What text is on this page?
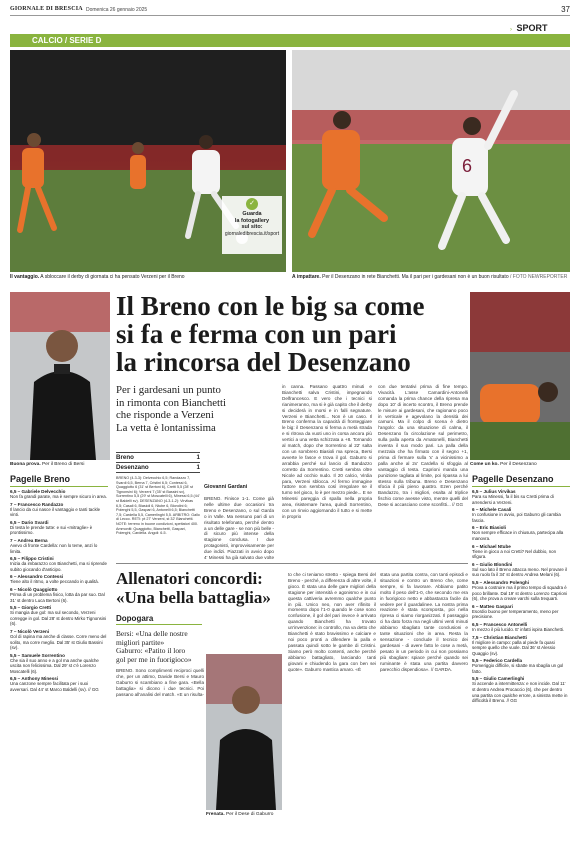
GIORNALE DI BRESCIA Domenica 26 gennaio 2025	37
› SPORT
CALCIO / SERIE D
✓
Guarda
la fotogallery
sul sito:
giornaledibrescia.it/sport
6
Il vantaggio. A sbloccare il derby di giornata ci ha pensato Verzeni per il Breno	A impattare. Per il Desenzano in rete Bianchetti. Ma il pari per i gardesani non è un buon risultato / FOTO NEWREPORTER
Il Breno con le big sa come
si fa e ferma con un pari
la rincorsa del Desenzano
Buona prova. Per il Breno di Bersi	Come un ko. Per il Desenzano
Pagelle Breno
6,5 – Gabriele Delvecchio
Non fa grandi parate, ma è sempre sicuro in area.
7 – Francesco Randazzo
Il lancio da cui nasce il vantaggio e tanti tackle vinti.
6,5 – Dario Svardi
Di testa le prende tutte: e sui «mitraglie» è prontissimo.
7 – Andrea Berna
Avevo di fronte Cardella: non lo teme, anzi lo limita.
6,5 – Filippo Cristini
Inizia da imbarazzo con Bianchetti, ma si riprende subito giocando d'anticipo.
6 – Alessandro Contessi
Tiene alto il ritmo, a volte peccando in qualità.
6 – Nicolò Quaggiotto
Prima di un problema fisico, lotta da par suo. Dal 31' st dentro Luca Bertoni (6).
5,5 – Giorgio Cretti
Si mangia due gol: ma sul secondo, Verzeni corregge in gol. Dal 28' st dentro Mirko Tignonsini (6).
7 – Nicolò Verzeni
Gol di rapina ma anche di classe. Corre meno del solito, ma corre meglio. Dal 35' st Giulio Bassini (sv).
5,5 – Samuele Sorrentino
Che sia il suo anno e a gol ma anche qualche uscita non felicissima. Dal 29' st c'è Lorenzo Moscatelli (6).
6,5 – Anthony Minessi
Una canzone sempre facilitata per i suoi avversari. Dal 44' st Marco Baldelli (sv). // GG
Pagelle Desenzano
6,5 – Julius Virvikas
Para su Minessi, fa il bis su Cretti prima di arrendersi a Verzeni.
6 – Michele Casali
In confusione in avvio, poi Gaburro gli cambia fascia.
6 – Eric Biasioli
Non sempre efficace in chiusura, partecipa alla manovra.
6 – Michael Ntube
Tiene in gioco a noi Cretti? Nel dubbio, non sfigura.
6 – Giulio Blondini
Sul suo lato il Breno attacca meno. Nel provare il suo ruolo fa il 34' st dentro Andrea Melani (6).
5,5 – Alessandro Polenghi
Prova a costruire ma il primo tempo di squadra è poco brillante. Dal 19' st dentro Lorenzo Caprioni (6), che prova a creare varchi sulla trequarti.
6 – Matteo Gaspari
Esordio buono per temperamento, meno per precisione.
6,5 – Francesco Antonelli
In mezzo il più lucido. E' infatti ispira Bianchetti.
7,5 – Christian Bianchetti
Il migliore in campo: palla al piede fa quasi sempre quello che vuole. Dal 36' st Alessio Quaggio (sv).
5,5 – Federico Cardella
Pomeriggio difficile, si sbatte ma sbaglia un gol fatto.
5,5 – Giulio Camerlinghi
Si accende a intermittenza: e non incide. Dal 11' st dentro Andrea Procaccio (6), che per dentro una partita con qualche errore, a sinistra mette in difficoltà il Breno. // GG
Per i gardesani un punto
in rimonta con Bianchetti
che risponde a Verzeni
La vetta è lontanissima
Breno	1
Desenzano	1
BRENO (4-3-3): Delvecchio 6,5; Randazzo 7, Svardi 6,5, Berna 7, Cristini 6,5; Contessi 6, Quaggiotto 6 (31' st Bertoni 6), Cretti 5,5 (28' st Tignonsini 6); Verzeni 7 (35' st Bassini sv), Sorrentino 5,5 (29' st Moscatelli 6), Minessi 6,5 (44' st Baldelli sv). DESENZANO (4-3-1-2): Virvikas 6,5; Casali 6, Biasioli 6, Ntube 6, Blondini 6; Polenghi 5,5, Gaspari 6, Antonelli 6,5; Bianchetti 7,5; Cardella 5,5, Camerlinghi 5,5. ARBITRO: Gallo di Lecco. RETI: pt 27' Verzeni, st 32' Bianchetti. NOTE: terreno in buone condizioni, spettatori 400. Ammoniti: Quaggiotto, Bianchetti, Gaspari, Polenghi, Cardella. Angoli: 6-5.
Giovanni Gardani
BRENO. Finisce 1-1. Come già nelle ultime due occasioni tra Breno e Desenzano, o sul Garda o in Valle. Ma nessuno pari di un risultato telefonato, perché dentro a un delle gare - se non più belle - di sicuro più intense della stagione conclusa. I due protagonisti, improvvisamente per due indizi. Piazzati in avvio dopo 4' Minessi ha già salvato due volte
in canna. Passano quattro minuti e Bianchetti salva Cristini, impegnando Delfrancesco. E vero che i tecnici si rianimeranno, ma si è già capito che il derby si deciderà in morsi e in falli segnature. Verzeni e Bianchetti... Non è un caso. Il Breno conferma la capacità di fronteggiare le big: il Desenzano si ferma a metà strada e si ritrova da vuoti uno in corsa ancora più vertici a una vetta schizzata a +8. Tornando al match, dopo che Sorrentino al 22' salta con un sombrero Biasioli ma spreca, Bersi avverte le fasce e trova il gol. Gaburro si arrabbia perché sul lancio di Bandazzo corretto da Sorrentino. Cretti sembra oltre Nicole ad occhio nudo. Il 20 calcio, Virdia para, Verzeni sblocca. Al fermo immagine l'attore non sembra così irregolare se il turno nel gioco, lo è per mezzo piede... E se Minessi pareggia di spalla nella propria area, risistemare l'area, quindi Sorrentino, con un rinvio aggiornando il tutto e si mette in proprio
con due tentativi prima di fine tempo. Vivacità. L'asse Camardini-Antonelli comanda la prima chance della ripresa ma dopo 10' di incerto scontro, il Breno prende le misure ai gardesani, che ragionano poco in verticale e agevolano la densità dei camuni. Ma il colpo di scena è dietro l'angolo: da una situazione di calma, il Desenzano fa circolazione sul perimetro, sulla palla aperta da Amatonelli, Bianchetti inventa il suo modo pari. La palla della mezzala che ha firmato con il segno +1, prima di fermare sulla 'x' a vicinissimo a palla anche al 2x' Cardella si sfoggia al vantaggio di testa. Caprioni manda una punizione tagliata al limite, poi ripassa a lui stesso sulla tribuna. Breno e Desenzano sfocia il più pieno quattro. Ezen perché Bandazzo, tra i migliori, esalta al triplice fischio come avesse visto, mentre quelli del Dese si accasciano come sconfitti... // GG
Allenatori concordi:
«Una bella battaglia»
Dopogara
Bersi: «Una delle nostre
migliori partite»
Gaburro: «Patito il loro
gol per me in fuorigioco»
BRENO. Sono complimenti reciproci quelli che, per un attimo, Davide Bersi e Mauro Gaburro si scambiano a fine gara. «Bella battaglia» si dicono i due tecnici. Poi passano all'analisi del match. «E un risulta-
Frenata. Per il Dese di Gaburro
to che ci teniamo stretto - spiega Bersi del Breno - perché, a differenza di altre volte, il gioco. È stata una delle gare migliori della stagione per intensità e agonismo e in cui questa cattiveria avremmo qualche punto in più. Unico neo, non aver rifinito il momento dopo l'1-0 quando le cose sono confusione, il gol del pari invece è arrivato quando Bianchetti ha trovato un'invenzione: in controllo, ma va detto che Bianchetti è stato bravissimo e calciare e noi poco pronti a difendere la palla e passata quindi sotto le gambe di Cristini. Siamo però molto contenti, anche perché abbiamo battagliato, lanciando tanti giovani e chiudendo la gara con ben sei quote». Gaburro mastica amaro. «È
stata una partita contra, con tanti episodi e situazioni e contro un Breno che, come sempre, si fa lavorare. Abbiamo patito molto il peso dell'1-0, che secondo me era in fuorigioco netto e abbastanza facile da vedere per il guardalinee. La nostra prima reazione è stata scomposta, poi nella ripresa ci siamo riorganizzati. Il passaggio ci ha dato forza ma negli ultimi venti minuti abbiamo sbagliato tante conclusioni e tante situazioni che in area. Resta la sensazione - conclude il tecnico dei gardesani - di avere fatto le cose a metà, pesato in un periodo in cui non possiamo più sbagliare: spiace perché quando sei ruminante è stata una partita davvero parecchio dispendiosa». // GARDA.
